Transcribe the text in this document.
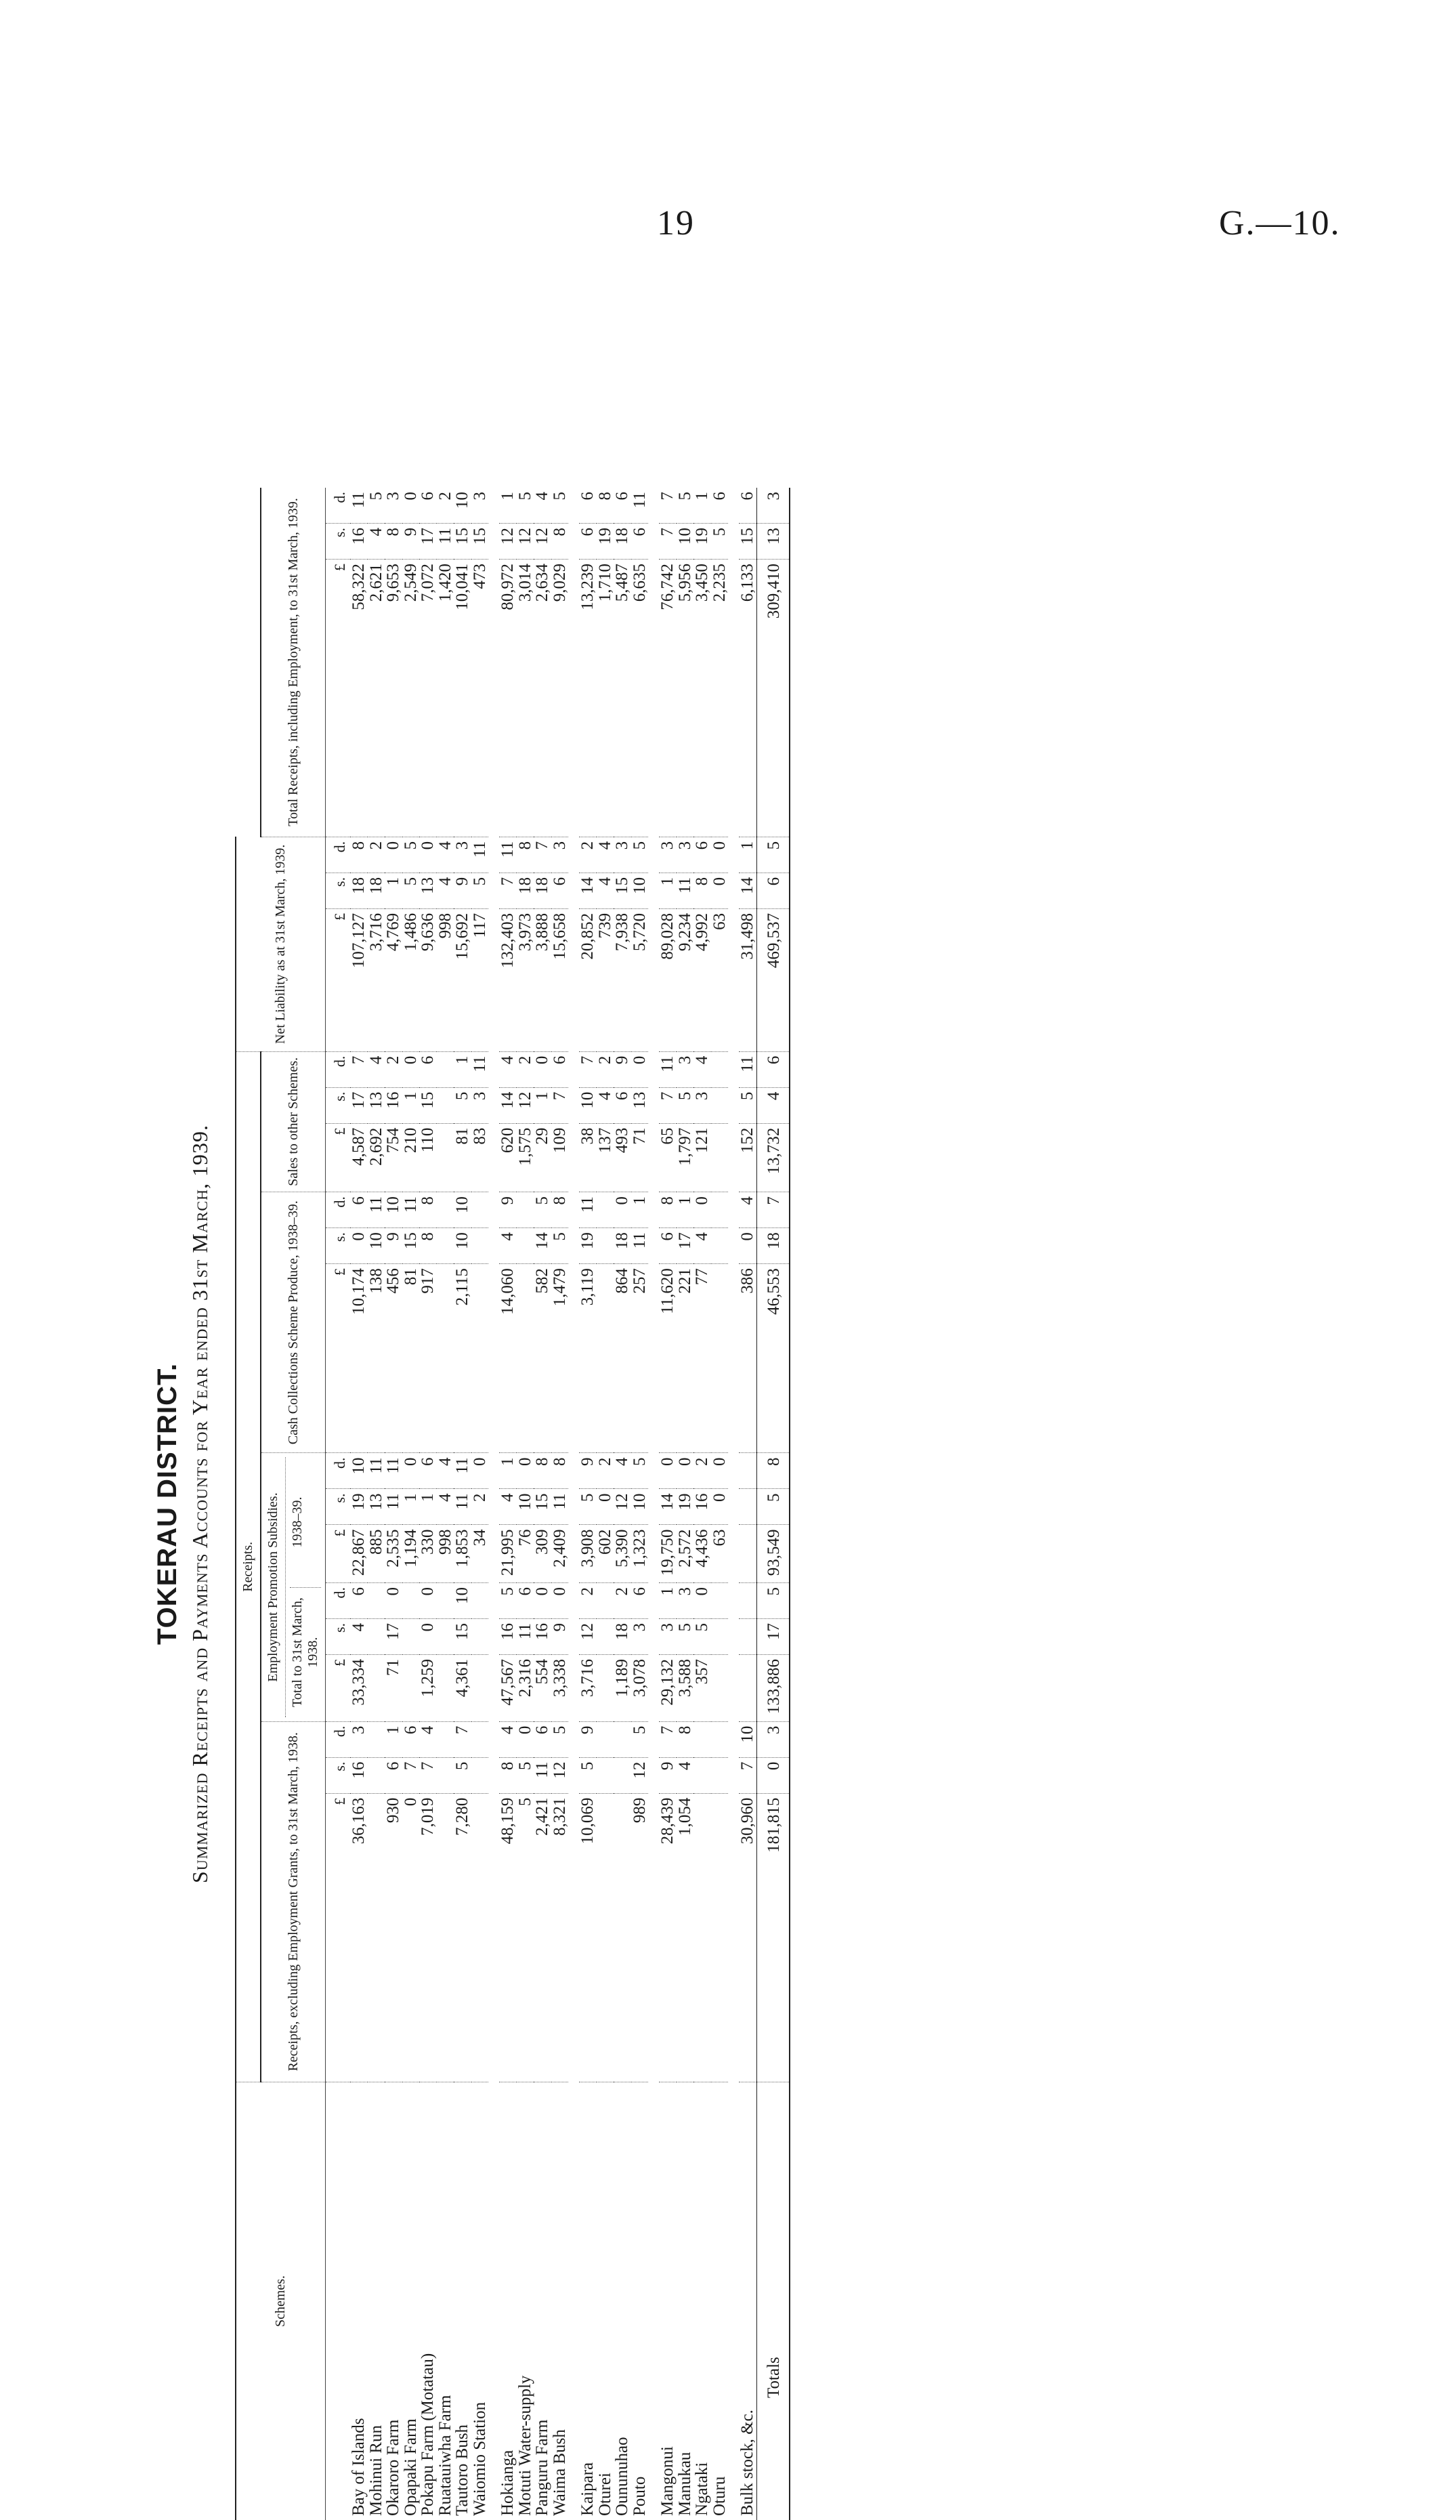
19	G.—10.
TOKERAU DISTRICT. Summarized Receipts and Payments Accounts for Year ended 31st March, 1939.
Schemes.	Receipts.															Net Liability as at 31st March, 1939.					
	Receipts, excluding Employment Grants, to 31st March, 1938.			Employment Promotion Subsidies. Total to 31st March, 1938.
1938–39.						Cash Collections Scheme Produce, 1938–39.			Sales to other Schemes.						Total Receipts, including Employment, to 31st March, 1939.		
	£	s.	d.	£	s.	d.	£	s.	d.	£	s.	d.	£	s.	d.	£	s.	d.	£	s.	d.
Bay of Islands	36,163	16	3	33,334	4	6	22,867	19	10	10,174	0	6	4,587	17	7	107,127	18	8	58,322	16	11
Mohinui Run							885	13	11	138	10	11	2,692	13	4	3,716	18	2	2,621	4	5
Okaroro Farm	930	6	1	71	17	0	2,535	11	11	456	9	10	754	16	2	4,769	1	0	9,653	8	3
Opapaki Farm	0	7	6				1,194	1	0	81	15	11	210	1	0	1,486	5	5	2,549	9	0
Pokapu Farm (Motatau)	7,019	7	4	1,259	0	0	330	1	6	917	8	8	110	15	6	9,636	13	0	7,072	17	6
Ruatauiwha Farm							998	4	4							998	4	4	1,420	11	2
Tautoro Bush	7,280	5	7	4,361	15	10	1,853	11	11	2,115	10	10	81	5	1	15,692	9	3	10,041	15	10
Waiomio Station							34	2	0				83	3	11	117	5	11	473	15	3

Hokianga	48,159	8	4	47,567	16	5	21,995	4	1	14,060	4	9	620	14	4	132,403	7	11	80,972	12	1
Motuti Water-supply	5	5	0	2,316	11	6	76	10	0				1,575	12	2	3,973	18	8	3,014	12	5
Panguru Farm	2,421	11	6	554	16	0	309	15	8	582	14	5	29	1	0	3,888	18	7	2,634	12	4
Waima Bush	8,321	12	5	3,338	9	0	2,409	11	8	1,479	5	8	109	7	6	15,658	6	3	9,029	8	5

Kaipara	10,069	5	9	3,716	12	2	3,908	5	9	3,119	19	11	38	10	7	20,852	14	2	13,239	6	6
Oturei							602	0	2				137	4	2	739	4	4	1,710	19	8
Oununuhao				1,189	18	2	5,390	12	4	864	18	0	493	6	9	7,938	15	3	5,487	18	6
Pouto	989	12	5	3,078	3	6	1,323	10	5	257	11	1	71	13	0	5,720	10	5	6,635	6	11

Mangonui	28,439	9	7	29,132	3	1	19,750	14	0	11,620	6	8	65	7	11	89,028	1	3	76,742	7	7
Manukau	1,054	4	8	3,588	5	3	2,572	19	0	221	17	1	1,797	5	3	9,234	11	3	5,956	10	5
Ngataki				357	5	0	4,436	16	2	77	4	0	121	3	4	4,992	8	6	3,450	19	1
Oturu							63	0	0							63	0	0	2,235	5	6

Bulk stock, &c.	30,960	7	10							386	0	4	152	5	11	31,498	14	1	6,133	15	6
Totals	181,815	0	3	133,886	17	5	93,549	5	8	46,553	18	7	13,732	4	6	469,537	6	5	309,410	13	3
